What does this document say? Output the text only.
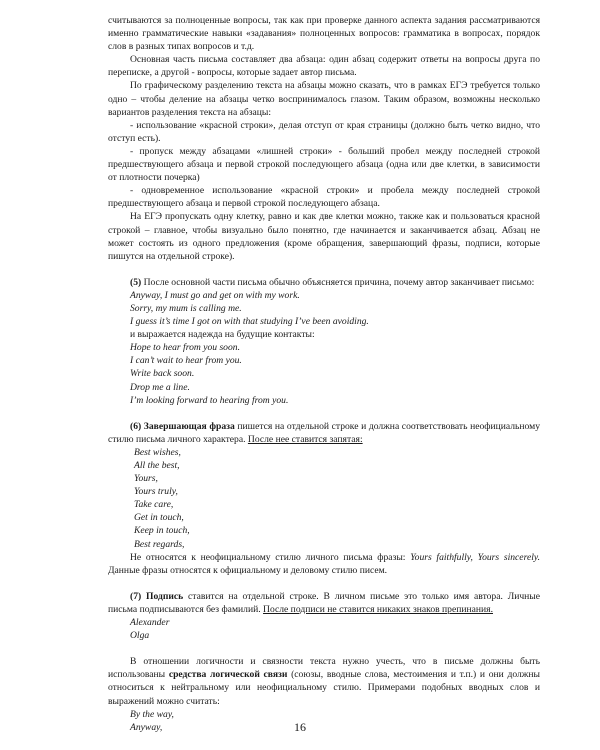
считываются за полноценные вопросы, так как при проверке данного аспекта задания рассматриваются именно грамматические навыки «задавания» полноценных вопросов: грамматика в вопросах, порядок слов в разных типах вопросов и т.д.

Основная часть письма составляет два абзаца: один абзац содержит ответы на вопросы друга по переписке, а другой - вопросы, которые задает автор письма.

По графическому разделению текста на абзацы можно сказать, что в рамках ЕГЭ требуется только одно – чтобы деление на абзацы четко воспринималось глазом. Таким образом, возможны несколько вариантов разделения текста на абзацы:

- использование «красной строки», делая отступ от края страницы (должно быть четко видно, что отступ есть).

- пропуск между абзацами «лишней строки» - больший пробел между последней строкой предшествующего абзаца и первой строкой последующего абзаца (одна или две клетки, в зависимости от плотности почерка)

- одновременное использование «красной строки» и пробела между последней строкой предшествующего абзаца и первой строкой последующего абзаца.

На ЕГЭ пропускать одну клетку, равно и как две клетки можно, также как и пользоваться красной строкой – главное, чтобы визуально было понятно, где начинается и заканчивается абзац. Абзац не может состоять из одного предложения (кроме обращения, завершающий фразы, подписи, которые пишутся на отдельной строке).

(5) После основной части письма обычно объясняется причина, почему автор заканчивает письмо:

Anyway, I must go and get on with my work.

Sorry, my mum is calling me.

I guess it’s time I got on with that studying I’ve been avoiding.

и выражается надежда на будущие контакты:

Hope to hear from you soon.

I can’t wait to hear from you.

Write back soon.

Drop me a line.

I’m looking forward to hearing from you.

(6) Завершающая фраза пишется на отдельной строке и должна соответствовать неофициальному стилю письма личного характера. После нее ставится запятая:

Best wishes,

All the best,

Yours,

Yours truly,

Take care,

Get in touch,

Keep in touch,

Best regards,

Не относятся к неофициальному стилю личного письма фразы: Yours faithfully, Yours sincerely. Данные фразы относятся к официальному и деловому стилю писем.

(7) Подпись ставится на отдельной строке. В личном письме это только имя автора. Личные письма подписываются без фамилий. После подписи не ставится никаких знаков препинания.

Alexander

Olga

В отношении логичности и связности текста нужно учесть, что в письме должны быть использованы средства логической связи (союзы, вводные слова, местоимения и т.п.) и они должны относиться к нейтральному или неофициальному стилю. Примерами подобных вводных слов и выражений можно считать:

By the way,

Anyway,	16
